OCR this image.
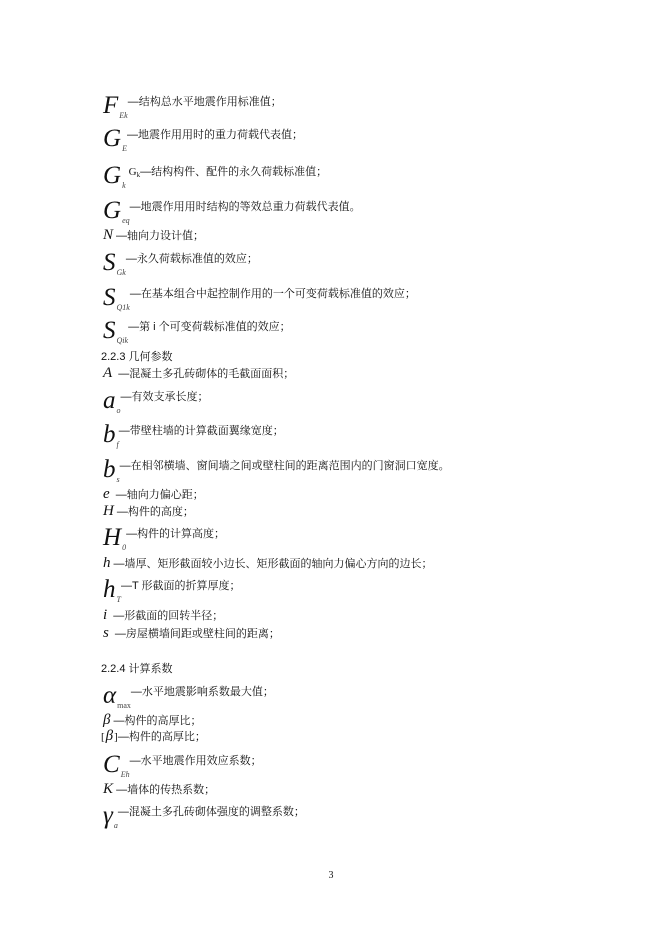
$F_{Ek}^{—结构总水平地震作用标准值;}$
$G_E^{—地震作用用时的重力荷载代表值;}$
$G_k^{Gk—结构构件、配件的永久荷载标准值;}$
$G_{eq}^{—地震作用用时结构的等效总重力荷载代表值。}$
N —轴向力设计值；
$S_{Gk}^{—永久荷载标准值的效应;}$
$S_{Q1k}^{—在基本组合中起控制作用的一个可变荷载标准值的效应;}$
$S_{Qik}^{—第 i 个可变荷载标准值的效应;}$
2.2.3 几何参数
A —混凝土多孔砖砌体的毛截面面积；
$a_o^{—有效支承长度;}$
$b_f^{—带壁柱墙的计算截面翼缘宽度;}$
$b_s^{—在相邻横墙、窗间墙之间或壁柱间的距离范围内的门窗洞口宽度。}$
e —轴向力偏心距；
H —构件的高度；
$H_0^{—构件的计算高度;}$
h —墙厚、矩形截面较小边长、矩形截面的轴向力偏心方向的边长；
$h_T^{—T 形截面的折算厚度;}$
i —形截面的回转半径；
s —房屋横墙间距或壁柱间的距离；
2.2.4 计算系数
$\alpha_{max}^{—水平地震影响系数最大值;}$
β —构件的高厚比；
[β]—构件的高厚比；
$C_{Eh}^{—水平地震作用效应系数;}$
K —墙体的传热系数；
$\gamma_a^{—混凝土多孔砖砌体强度的调整系数;}$
3
